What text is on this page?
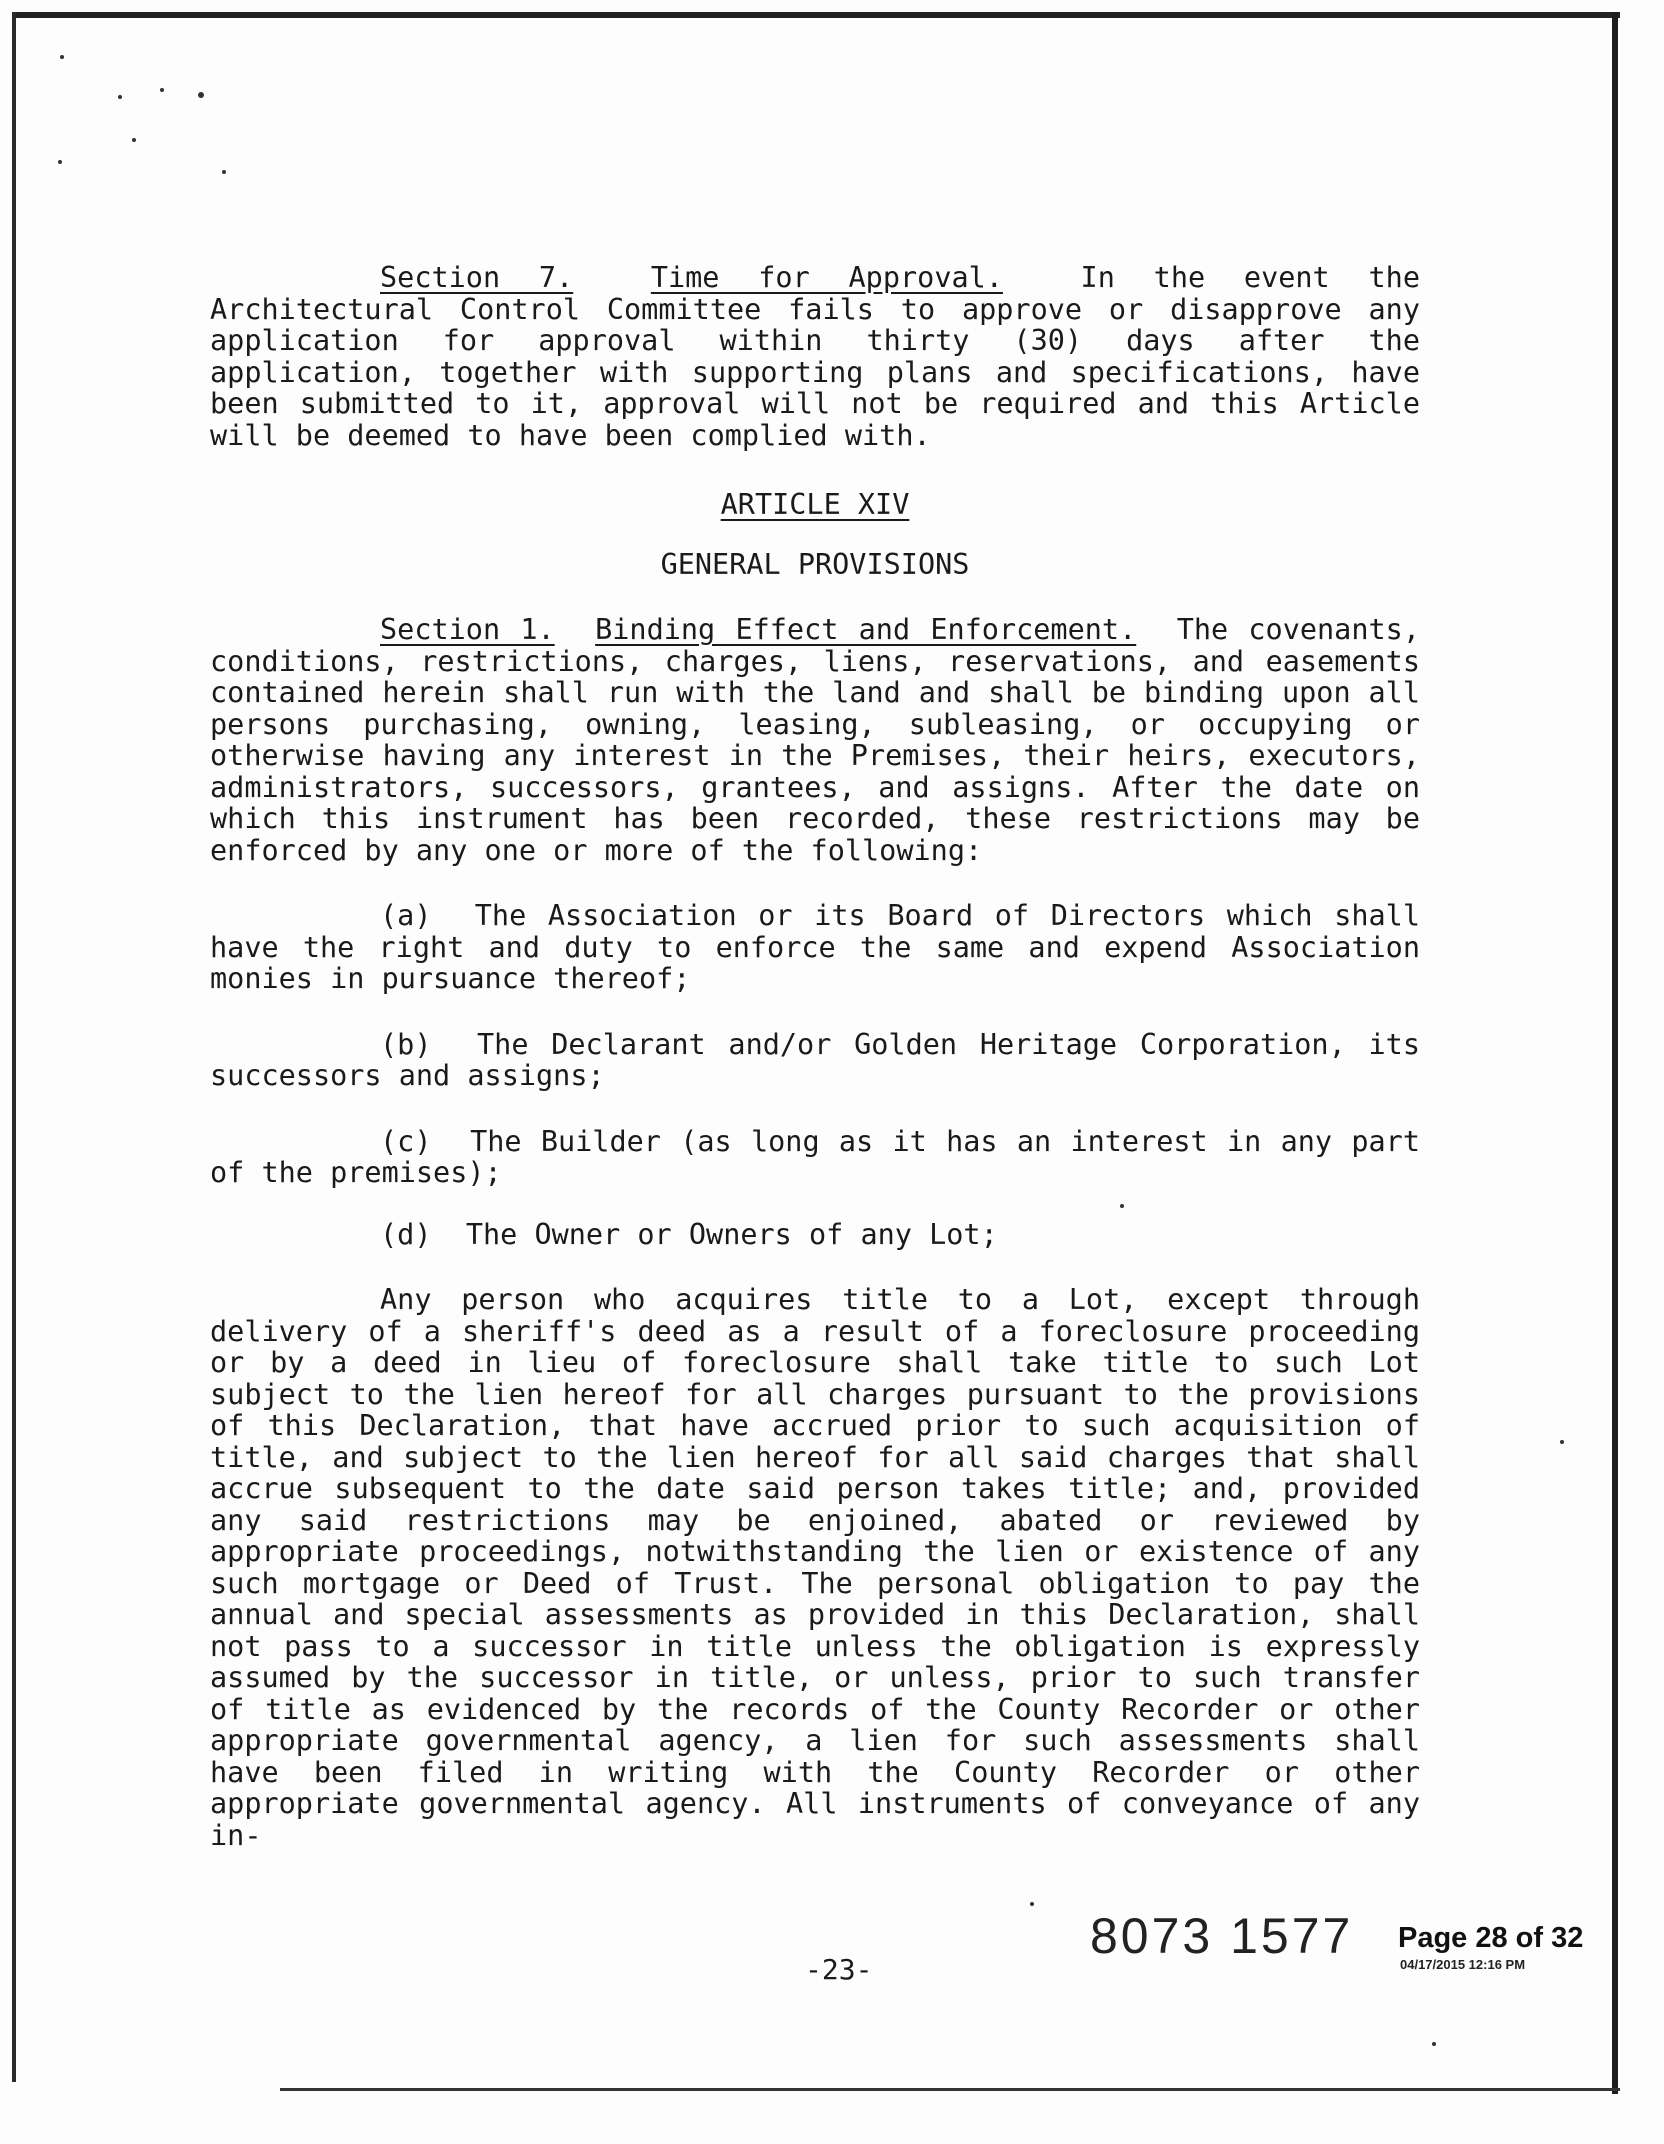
Section 7.	Time for Approval.	In the event the Architectural Control Committee fails to approve or disapprove any application for approval within thirty (30) days after the application, together with supporting plans and specifications, have been submitted to it, approval will not be required and this Article will be deemed to have been complied with.

ARTICLE XIV

GENERAL PROVISIONS

Section 1. Binding Effect and Enforcement. The covenants, conditions, restrictions, charges, liens, reservations, and easements contained herein shall run with the land and shall be binding upon all persons purchasing, owning, leasing, subleasing, or occupying or otherwise having any interest in the Premises, their heirs, executors, administrators, successors, grantees, and assigns. After the date on which this instrument has been recorded, these restrictions may be enforced by any one or more of the following:

(a) The Association or its Board of Directors which shall have the right and duty to enforce the same and expend Association monies in pursuance thereof;

(b) The Declarant and/or Golden Heritage Corporation, its successors and assigns;

(c) The Builder (as long as it has an interest in any part of the premises);

(d) The Owner or Owners of any Lot;

Any person who acquires title to a Lot, except through delivery of a sheriff's deed as a result of a foreclosure proceeding or by a deed in lieu of foreclosure shall take title to such Lot subject to the lien hereof for all charges pursuant to the provisions of this Declaration, that have accrued prior to such acquisition of title, and subject to the lien hereof for all said charges that shall accrue subsequent to the date said person takes title; and, provided any said restrictions may be enjoined, abated or reviewed by appropriate proceedings, notwithstanding the lien or existence of any such mortgage or Deed of Trust. The personal obligation to pay the annual and special assessments as provided in this Declaration, shall not pass to a successor in title unless the obligation is expressly assumed by the successor in title, or unless, prior to such transfer of title as evidenced by the records of the County Recorder or other appropriate governmental agency, a lien for such assessments shall have been filed in writing with the County Recorder or other appropriate governmental agency. All instruments of conveyance of any in-

8073 1577 Page 28 of 32
04/17/2015 12:16 PM
-23-
